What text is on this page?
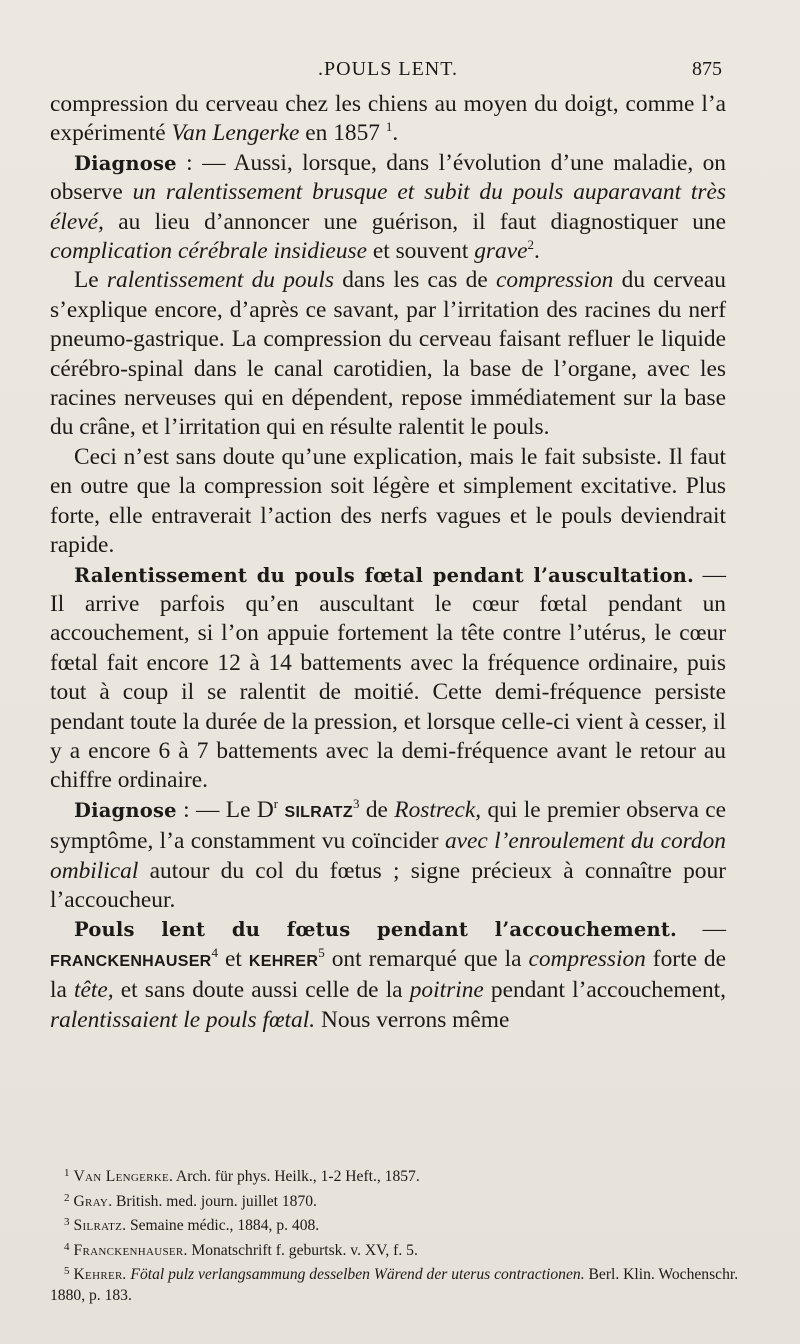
.POULS LENT.	875

compression du cerveau chez les chiens au moyen du doigt, comme l’a expérimenté Van Lengerke en 1857 $^1$.

Diagnose : — Aussi, lorsque, dans l’évolution d’une maladie, on observe un ralentissement brusque et subit du pouls auparavant très élevé, au lieu d’annoncer une guérison, il faut diagnostiquer une complication cérébrale insidieuse et souvent grave$^2$.

Le ralentissement du pouls dans les cas de compression du cerveau s’explique encore, d’après ce savant, par l’irritation des racines du nerf pneumo-gastrique. La compression du cerveau faisant refluer le liquide cérébro-spinal dans le canal carotidien, la base de l’organe, avec les racines nerveuses qui en dépendent, repose immédiatement sur la base du crâne, et l’irritation qui en résulte ralentit le pouls.

Ceci n’est sans doute qu’une explication, mais le fait subsiste. Il faut en outre que la compression soit légère et simplement excitative. Plus forte, elle entraverait l’action des nerfs vagues et le pouls deviendrait rapide.

Ralentissement du pouls fœtal pendant l’auscultation. — Il arrive parfois qu’en auscultant le cœur fœtal pendant un accouchement, si l’on appuie fortement la tête contre l’utérus, le cœur fœtal fait encore 12 à 14 battements avec la fréquence ordinaire, puis tout à coup il se ralentit de moitié. Cette demi-fréquence persiste pendant toute la durée de la pression, et lorsque celle-ci vient à cesser, il y a encore 6 à 7 battements avec la demi-fréquence avant le retour au chiffre ordinaire.

Diagnose : — Le $D^r$ SILRATZ$^3$ de Rostreck, qui le premier observa ce symptôme, l’a constamment vu coïncider avec l’enroulement du cordon ombilical autour du col du fœtus ; signe précieux à connaître pour l’accoucheur.

Pouls lent du fœtus pendant l’accouchement. — FRANCKENHAUSER$^4$ et KEHRER$^5$ ont remarqué que la compression forte de la tête, et sans doute aussi celle de la poitrine pendant l’accouchement, ralentissaient le pouls fœtal. Nous verrons même

$^1$ Van Lengerke. Arch. für phys. Heilk., 1-2 Heft., 1857.

$^2$ Gray. British. med. journ. juillet 1870.

$^3$ Silratz. Semaine médic., 1884, p. 408.

$^4$ Franckenhauser. Monatschrift f. geburtsk. v. XV, f. 5.

$^5$ Kehrer. Fötal pulz verlangsammung desselben Wärend der uterus contractionen. Berl. Klin. Wochenschr. 1880, p. 183.
